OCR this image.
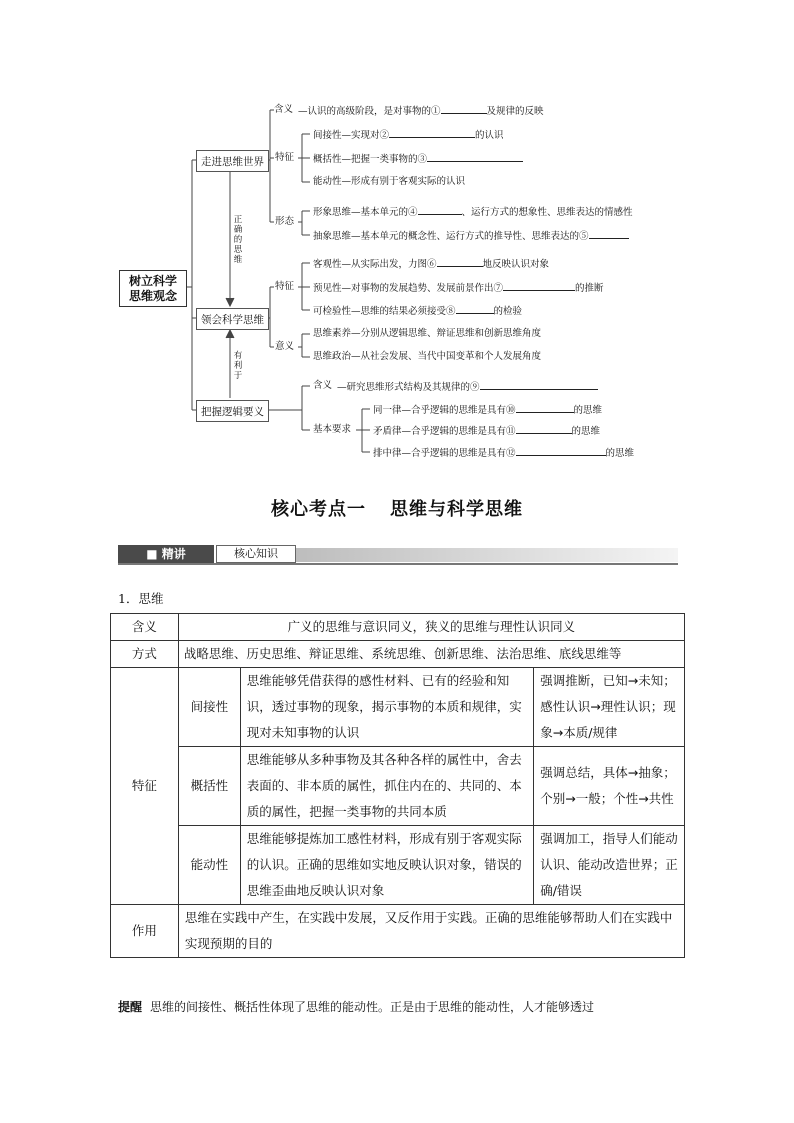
树立科学思维观念
走进思维世界
领会科学思维
把握逻辑要义
正确的思维
有利于
含义
特征
形态
特征
意义
含义
基本要求
—认识的高级阶段，是对事物的①	及规律的反映
间接性—实现对②	的认识
概括性—把握一类事物的③
能动性—形成有别于客观实际的认识
形象思维—基本单元的④	、运行方式的想象性、思维表达的情感性
抽象思维—基本单元的概念性、运行方式的推导性、思维表达的⑤
客观性—从实际出发，力图⑥	地反映认识对象
预见性—对事物的发展趋势、发展前景作出⑦	的推断
可检验性—思维的结果必须接受⑧	的检验
思维素养—分别从逻辑思维、辩证思维和创新思维角度
思维政治—从社会发展、当代中国变革和个人发展角度
—研究思维形式结构及其规律的⑨
同一律—合乎逻辑的思维是具有⑩	的思维
矛盾律—合乎逻辑的思维是具有⑪	的思维
排中律—合乎逻辑的思维是具有⑫	的思维
核心考点一 思维与科学思维
■ 精讲	核心知识
1．思维
含义	广义的思维与意识同义，狭义的思维与理性认识同义		
方式	战略思维、历史思维、辩证思维、系统思维、创新思维、法治思维、底线思维等		
特征	间接性	思维能够凭借获得的感性材料、已有的经验和知识，透过事物的现象，揭示事物的本质和规律，实现对未知事物的认识	强调推断，已知→未知；感性认识→理性认识；现象→本质/规律
	概括性	思维能够从多种事物及其各种各样的属性中，舍去表面的、非本质的属性，抓住内在的、共同的、本质的属性，把握一类事物的共同本质	强调总结，具体→抽象；个别→一般；个性→共性
	能动性	思维能够提炼加工感性材料，形成有别于客观实际的认识。正确的思维如实地反映认识对象，错误的思维歪曲地反映认识对象	强调加工，指导人们能动认识、能动改造世界；正确/错误
作用	思维在实践中产生，在实践中发展，又反作用于实践。正确的思维能够帮助人们在实践中实现预期的目的		
提醒 思维的间接性、概括性体现了思维的能动性。正是由于思维的能动性，人才能够透过
